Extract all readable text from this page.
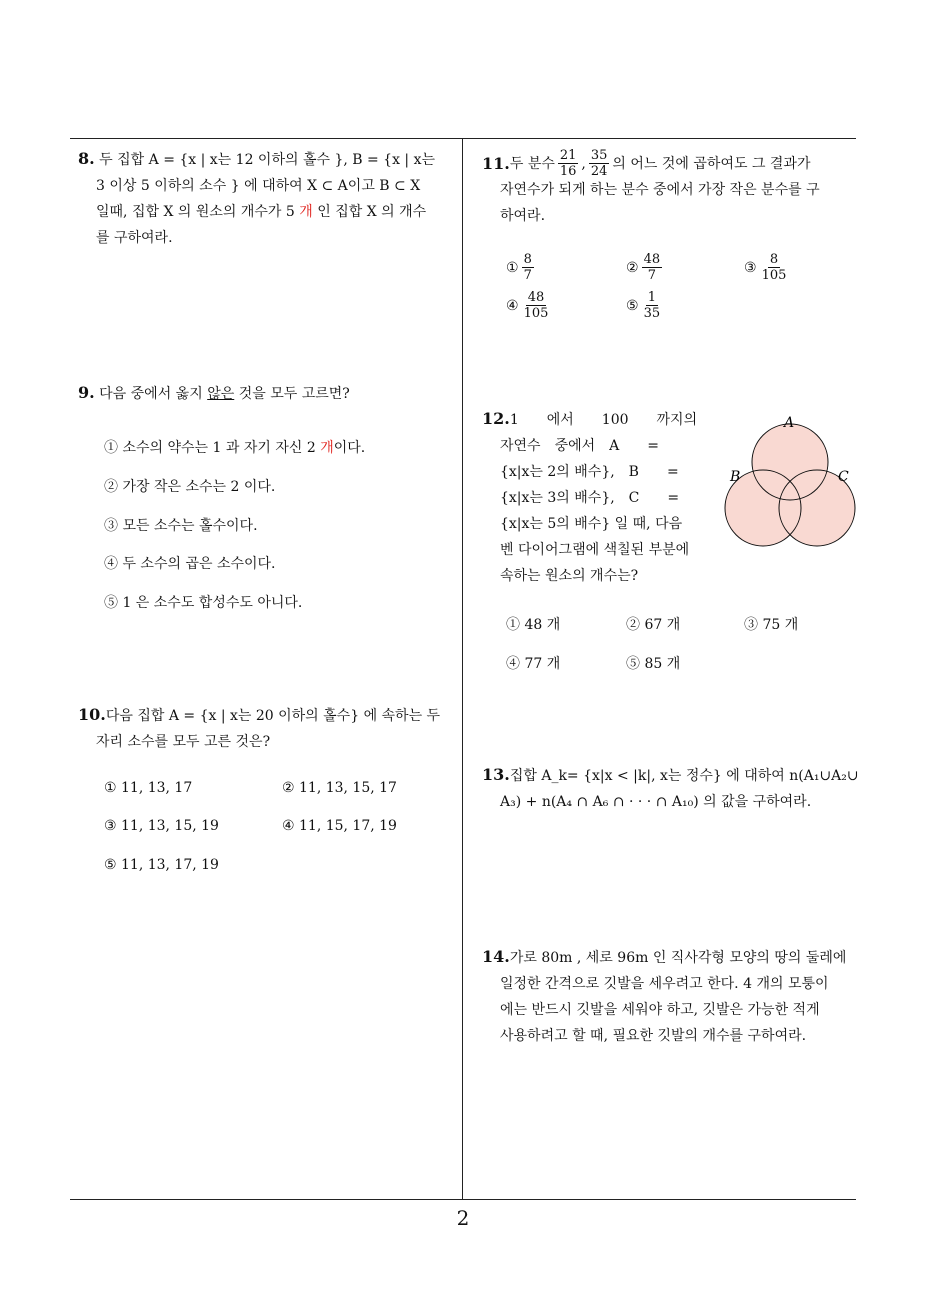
8. 두 집합 A = {x | x는 12 이하의 홀수 }, B = {x | x는
3 이상 5 이하의 소수 } 에 대하여 X ⊂ A이고 B ⊂ X
일때, 집합 X 의 원소의 개수가 5 개 인 집합 X 의 개수
를 구하여라.
9. 다음 중에서 옳지 않은 것을 모두 고르면?
① 소수의 약수는 1 과 자기 자신 2 개이다.
② 가장 작은 소수는 2 이다.
③ 모든 소수는 홀수이다.
④ 두 소수의 곱은 소수이다.
⑤ 1 은 소수도 합성수도 아니다.
10.다음 집합 A = {x | x는 20 이하의 홀수} 에 속하는 두
자리 소수를 모두 고른 것은?
① 11, 13, 17	② 11, 13, 15, 17
③ 11, 13, 15, 19	④ 11, 15, 17, 19
⑤ 11, 13, 17, 19
11. 두 분수 $\frac{21}{16}$ , $\frac{35}{24}$ 의 어느 것에 곱하여도 그 결과가
자연수가 되게 하는 분수 중에서 가장 작은 분수를 구
하여라.
① $\frac{8}{7}$	② $\frac{48}{7}$	③ $\frac{8}{105}$
④ $\frac{48}{105}$	⑤ $\frac{1}{35}$
12.1　　에서　　100　　까지의
자연수　중에서　A　　=
{x|x는 2의 배수},　B　　=
{x|x는 3의 배수},　C　　=
{x|x는 5의 배수} 일 때, 다음
벤 다이어그램에 색칠된 부분에
속하는 원소의 개수는?
A
B	C
① 48 개	② 67 개	③ 75 개
④ 77 개	⑤ 85 개
13.집합 A_k= {x|x < |k|, x는 정수} 에 대하여 n(A₁∪A₂∪
A₃) + n(A₄ ∩ A₆ ∩ · · · ∩ A₁₀) 의 값을 구하여라.
14.가로 80m , 세로 96m 인 직사각형 모양의 땅의 둘레에
일정한 간격으로 깃발을 세우려고 한다. 4 개의 모퉁이
에는 반드시 깃발을 세워야 하고, 깃발은 가능한 적게
사용하려고 할 때, 필요한 깃발의 개수를 구하여라.
2
